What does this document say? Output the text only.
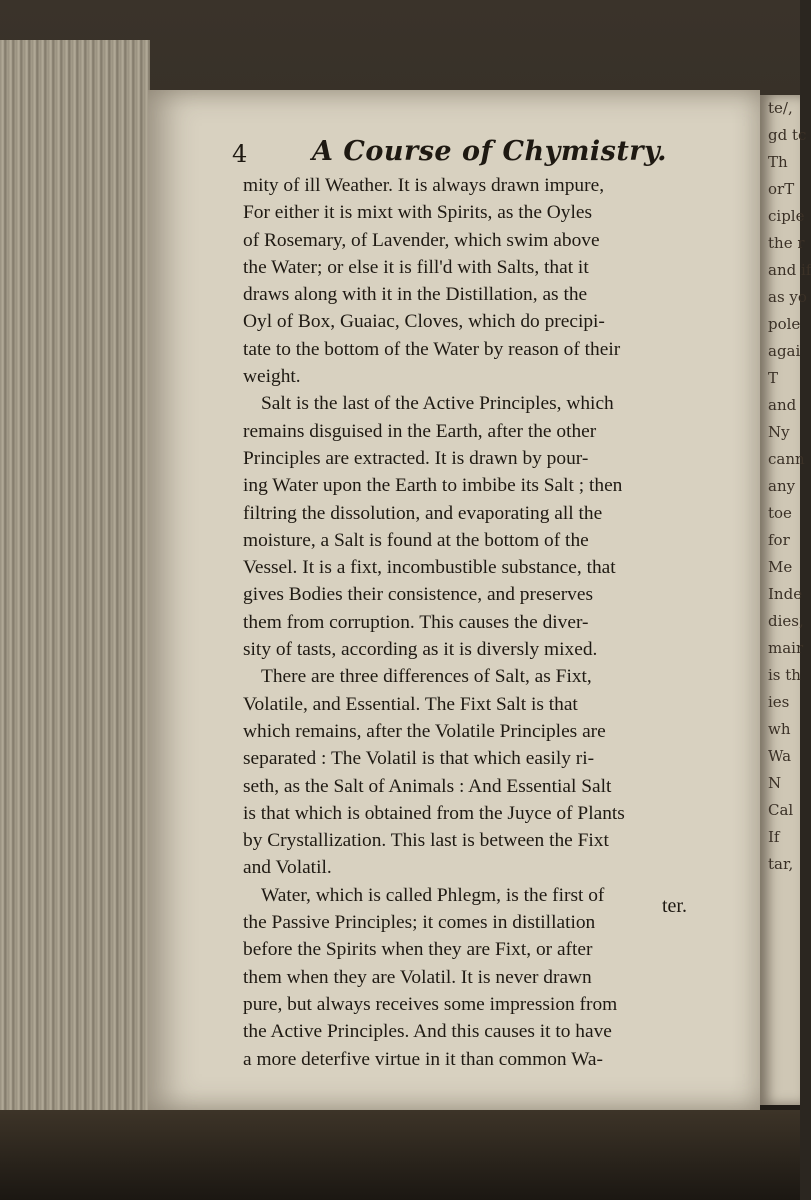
te/,
gd tc
Th
orT
ciple
the r
and if
as yo
pole
agai
T
and
Ny
cann
any
toe
for
Me
Inde
dies,
mair
is th
ies
wh
Wa
N
Cal
If
tar,
4 A Course of Chymistry.
mity of ill Weather. It is always drawn impure,
For either it is mixt with Spirits, as the Oyles
of Rosemary, of Lavender, which swim above
the Water; or else it is fill'd with Salts, that it
draws along with it in the Distillation, as the
Oyl of Box, Guaiac, Cloves, which do precipi-
tate to the bottom of the Water by reason of their
weight.
Salt is the last of the Active Principles, which
remains disguised in the Earth, after the other
Principles are extracted. It is drawn by pour-
ing Water upon the Earth to imbibe its Salt ; then
filtring the dissolution, and evaporating all the
moisture, a Salt is found at the bottom of the
Vessel. It is a fixt, incombustible substance, that
gives Bodies their consistence, and preserves
them from corruption. This causes the diver-
sity of tasts, according as it is diversly mixed.
There are three differences of Salt, as Fixt,
Volatile, and Essential. The Fixt Salt is that
which remains, after the Volatile Principles are
separated : The Volatil is that which easily ri-
seth, as the Salt of Animals : And Essential Salt
is that which is obtained from the Juyce of Plants
by Crystallization. This last is between the Fixt
and Volatil.
Water, which is called Phlegm, is the first of
the Passive Principles; it comes in distillation
before the Spirits when they are Fixt, or after
them when they are Volatil. It is never drawn
pure, but always receives some impression from
the Active Principles. And this causes it to have
a more deterfive virtue in it than common Wa-
ter.
